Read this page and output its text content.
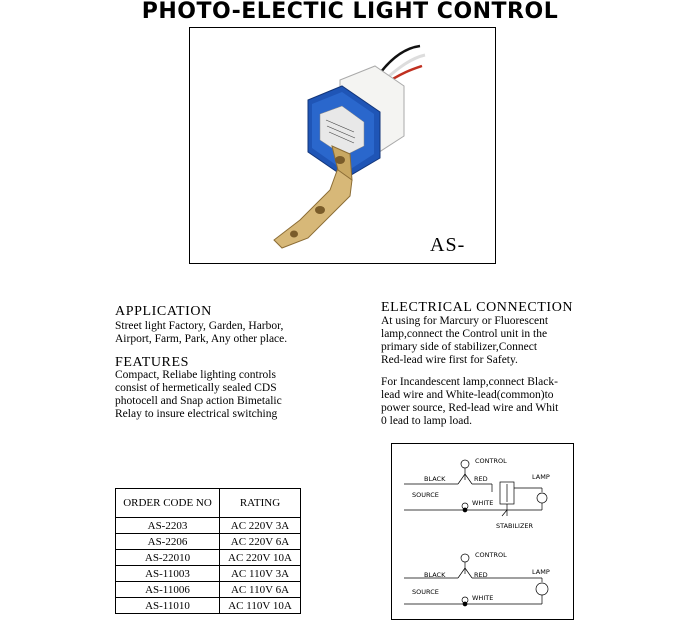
PHOTO-ELECTIC LIGHT CONTROL
AS-
APPLICATION
Street light Factory, Garden, Harbor,
Airport, Farm, Park, Any other place.
FEATURES
Compact, Reliabe lighting controls
consist of hermetically sealed CDS
photocell and Snap action Bimetalic
Relay to insure electrical switching
ELECTRICAL CONNECTION
At using for Marcury or Fluorescent
lamp,connect the Control unit in the
primary side of stabilizer,Connect
Red-lead wire first for Safety.
For Incandescent lamp,connect Black-
lead wire and White-lead(common)to
power source, Red-lead wire and Whit
0 lead to lamp load.
ORDER CODE NO	RATING
AS-2203	AC 220V 3A
AS-2206	AC 220V 6A
AS-22010	AC 220V 10A
AS-11003	AC 110V 3A
AS-11006	AC 110V 6A
AS-11010	AC 110V 10A
CONTROL
BLACK	RED	LAMP
SOURCE
WHITE
STABILIZER
CONTROL
BLACK	RED	LAMP
SOURCE
WHITE
